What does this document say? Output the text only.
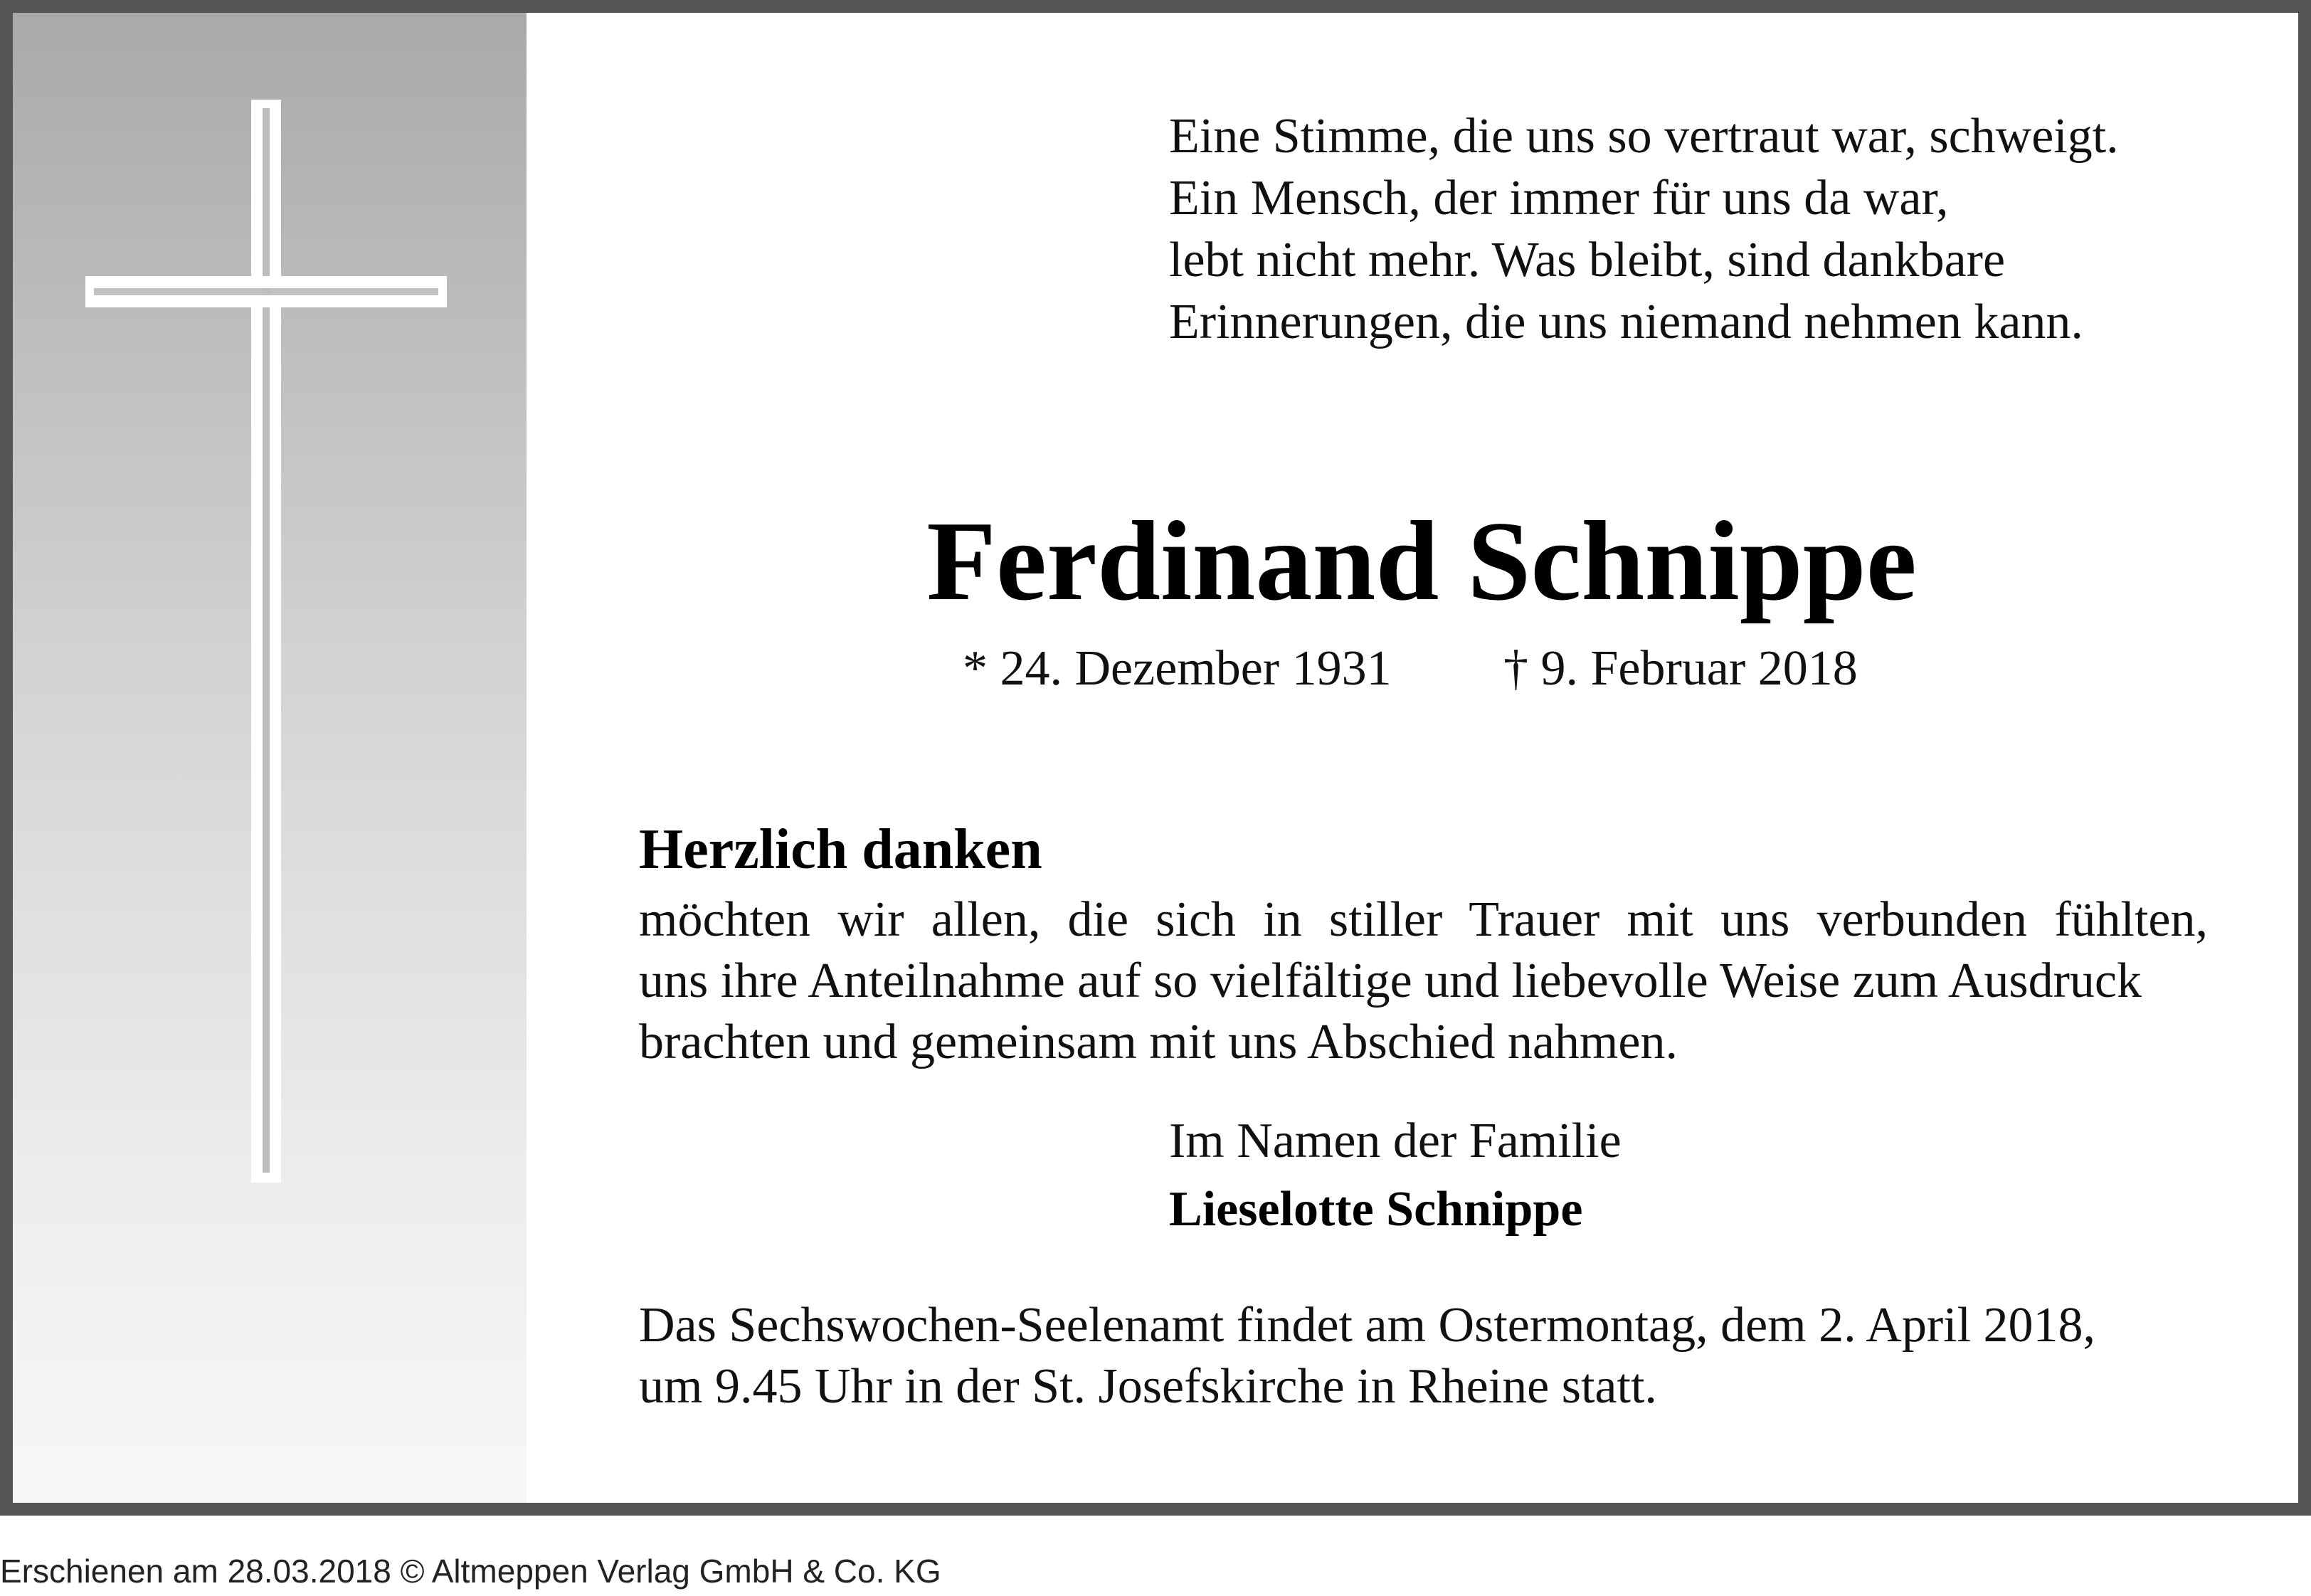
Eine Stimme, die uns so vertraut war, schweigt.
Ein Mensch, der immer für uns da war,
lebt nicht mehr. Was bleibt, sind dankbare
Erinnerungen, die uns niemand nehmen kann.
Ferdinand Schnippe
* 24. Dezember 1931 † 9. Februar 2018
Herzlich danken
möchten wir allen, die sich in stiller Trauer mit uns verbunden fühlten,
uns ihre Anteilnahme auf so vielfältige und liebevolle Weise zum Ausdruck
brachten und gemeinsam mit uns Abschied nahmen.
Im Namen der Familie
Lieselotte Schnippe
Das Sechswochen-Seelenamt findet am Ostermontag, dem 2. April 2018,
um 9.45 Uhr in der St. Josefskirche in Rheine statt.
Erschienen am 28.03.2018 © Altmeppen Verlag GmbH & Co. KG
